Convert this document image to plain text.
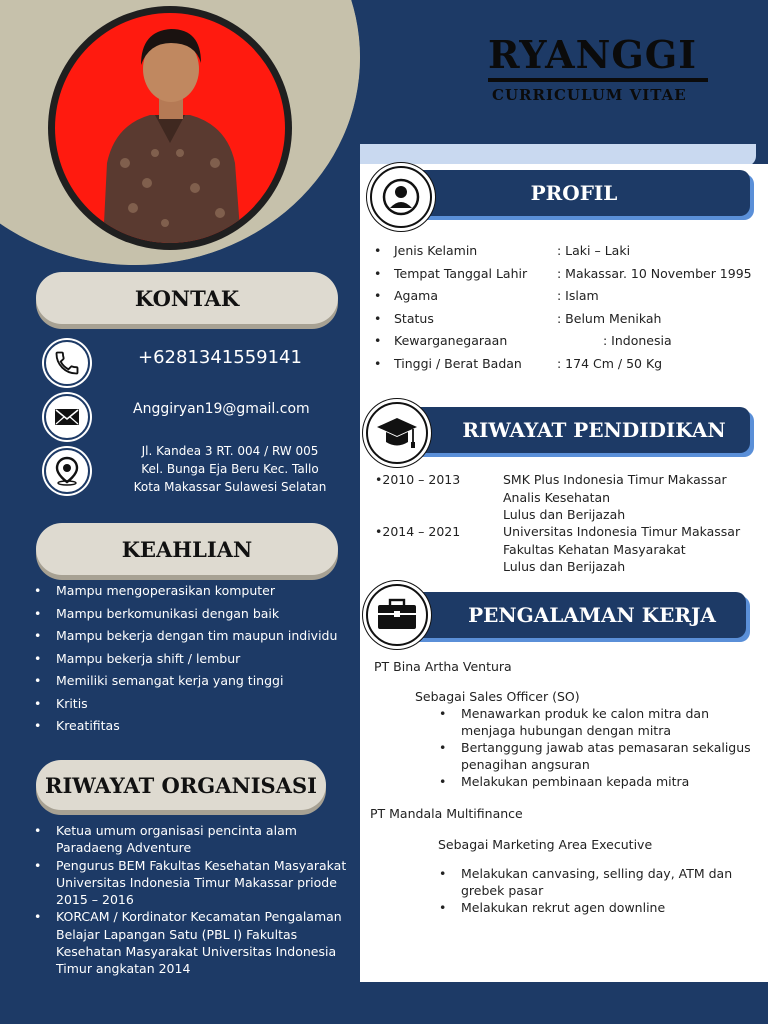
KONTAK
+6281341559141
Anggiryan19@gmail.com
Jl. Kandea 3 RT. 004 / RW 005
Kel. Bunga Eja Beru Kec. Tallo
Kota Makassar Sulawesi Selatan
KEAHLIAN
• Mampu mengoperasikan komputer
• Mampu berkomunikasi dengan baik
• Mampu bekerja dengan tim maupun individu
• Mampu bekerja shift / lembur
• Memiliki semangat kerja yang tinggi
• Kritis
• Kreatifitas
RIWAYAT ORGANISASI
• Ketua umum organisasi pencinta alam Paradaeng Adventure
• Pengurus BEM Fakultas Kesehatan Masyarakat Universitas Indonesia Timur Makassar priode 2015 – 2016
• KORCAM / Kordinator Kecamatan Pengalaman Belajar Lapangan Satu (PBL I) Fakultas Kesehatan Masyarakat Universitas Indonesia Timur angkatan 2014
RYANGGI
CURRICULUM VITAE
PROFIL
• Jenis Kelamin	: Laki – Laki
• Tempat Tanggal Lahir : Makassar. 10 November 1995
• Agama	: Islam
• Status	: Belum Menikah
• Kewarganegaraan	: Indonesia
• Tinggi / Berat Badan	: 174 Cm / 50 Kg
RIWAYAT PENDIDIKAN
•2010 – 2013	SMK Plus Indonesia Timur Makassar
Analis Kesehatan
Lulus dan Berijazah
•2014 – 2021	Universitas Indonesia Timur Makassar
Fakultas Kehatan Masyarakat
Lulus dan Berijazah
PENGALAMAN KERJA
PT Bina Artha Ventura
Sebagai Sales Officer (SO)
• Menawarkan produk ke calon mitra dan menjaga hubungan dengan mitra
• Bertanggung jawab atas pemasaran sekaligus penagihan angsuran
• Melakukan pembinaan kepada mitra
PT Mandala Multifinance
Sebagai Marketing Area Executive
• Melakukan canvasing, selling day, ATM dan grebek pasar
• Melakukan rekrut agen downline
